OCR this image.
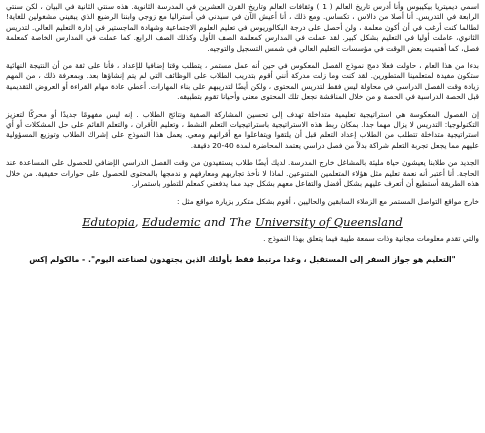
اسمي ديميتريا بيكيبوس وأنا أدرس تاريخ العالم ( 1 ) وثقافات العالم وتاريخ القرن العشرين في المدرسة الثانوية. هذه سنتي الثانية في البيان ، لكن سنتي الرابعة في التدريس. أنا أصلا من دالاس ، تكساس. ومع ذلك ، أنا أعيش الآن في سيدني في أستراليا مع زوجي وابننا الرضيع الذي يبقيني مشغولين للغاية! لطالما كنت أرغب في أن أكون معلمة ، ولن أحصل على درجة البكالوريوس في تعليم العلوم الاجتماعية وشهادة الماجستير في إدارة التعليم العالي. لتدريس الثانوي، عاملت أوليا في التعليم بشكل كبير. لقد عملت في المدارس كمعلمة الصف الأول وكذلك الصف الرابع. كما عملت في المدارس الخاصة كمعلمة فصل، كما أهتميت بعض الوقت في مؤسسات التعليم العالي في شمس التسجيل والتوجيه.

بدءا من هذا العام ، حاولت فعلا دمج نموذج الفصل المعكوس في حين أنه عمل مستمر ، يتطلب وقتا إضافيا للإعداد ، فأنا على ثقة من أن النتيجة النهائية ستكون مفيدة لمتعلمينا المتطورين. لقد كنت وما زلت مدركة أنني أقوم بتدريب الطلاب على الوظائف التي لم يتم إنشاؤها بعد. وبمعرفة ذلك ، من المهم زيادة وقت الفصل الدراسي في محاولة ليس فقط لتدريس المحتوى ، ولكن أيضًا لتدريبهم على بناء المهارات. أعطي عادة مهام القراءة أو العروض التقديمية قبل الحصة الدراسية في الحصة و من خلال المناقشة نجعل تلك المحتوى معنى وأحيانا تقوم بتطبيقه.

إن الفصول المعكوسة هي استراتيجية تعليمية متداخلة تهدف إلى تحسين المشاركة الصفية ونتائج الطلاب . إنه ليس مفهومًا جديدًا أو محركًا لتعزيز التكنولوجيا: التدريس لا يزال مهما جدا. بمكان ربط هذه الاستراتيجية باستراتيجيات التعلم النشط ، وتعليم الأقران ، والتعلم القائم على حل المشكلات أو أي استراتيجية متداخلة تتطلب من الطلاب إعداد التعلم قبل أن يلتقوا ويتفاعلوا مع أقرانهم ومعي. يعمل هذا النموذج على إشراك الطلاب وتوزيع المسؤولية عليهم مما يجعل تجربة التعلم شراكة بدلاً من فصل دراسي يعتمد المحاضرة لمدة 40-20 دقيقة.

الجديد من طلابنا يعيشون حياة مليئة بالمشاغل خارج المدرسة. لديك أيضًا طلاب يستفيدون من وقت الفصل الدراسي الإضافي للحصول على المساعدة عند الحاجة. أنا أعتبر أنه نعمة تعليم مثل هؤلاء المتعلمين المتنوعين. لماذا لا نأخذ تجاربهم ومعارفهم و ندمجها بالمحتوى للحصول على حوارات حقيقية. من خلال هذه الطريقة أستطيع أن أتعرف عليهم بشكل أفضل والتفاعل معهم بشكل جيد مما يدفعني كمعلم للتطور باستمرار.

خارج مواقع التواصل المستمر مع الزملاء السابقين والحاليين ، أقوم بشكل متكرر بزيارة مواقع مثل :

Edutopia, Edudemic and The University of Queensland

والتي تقدم معلومات مجانية وذات سمعة طيبة فيما يتعلق بهذا النموذج .

"التعليم هو جواز السفر إلى المستقبل ، وغدا مرتبط فقط بأولئك الذين يجتهدون لصناعته اليوم". - مالكولم إكس
